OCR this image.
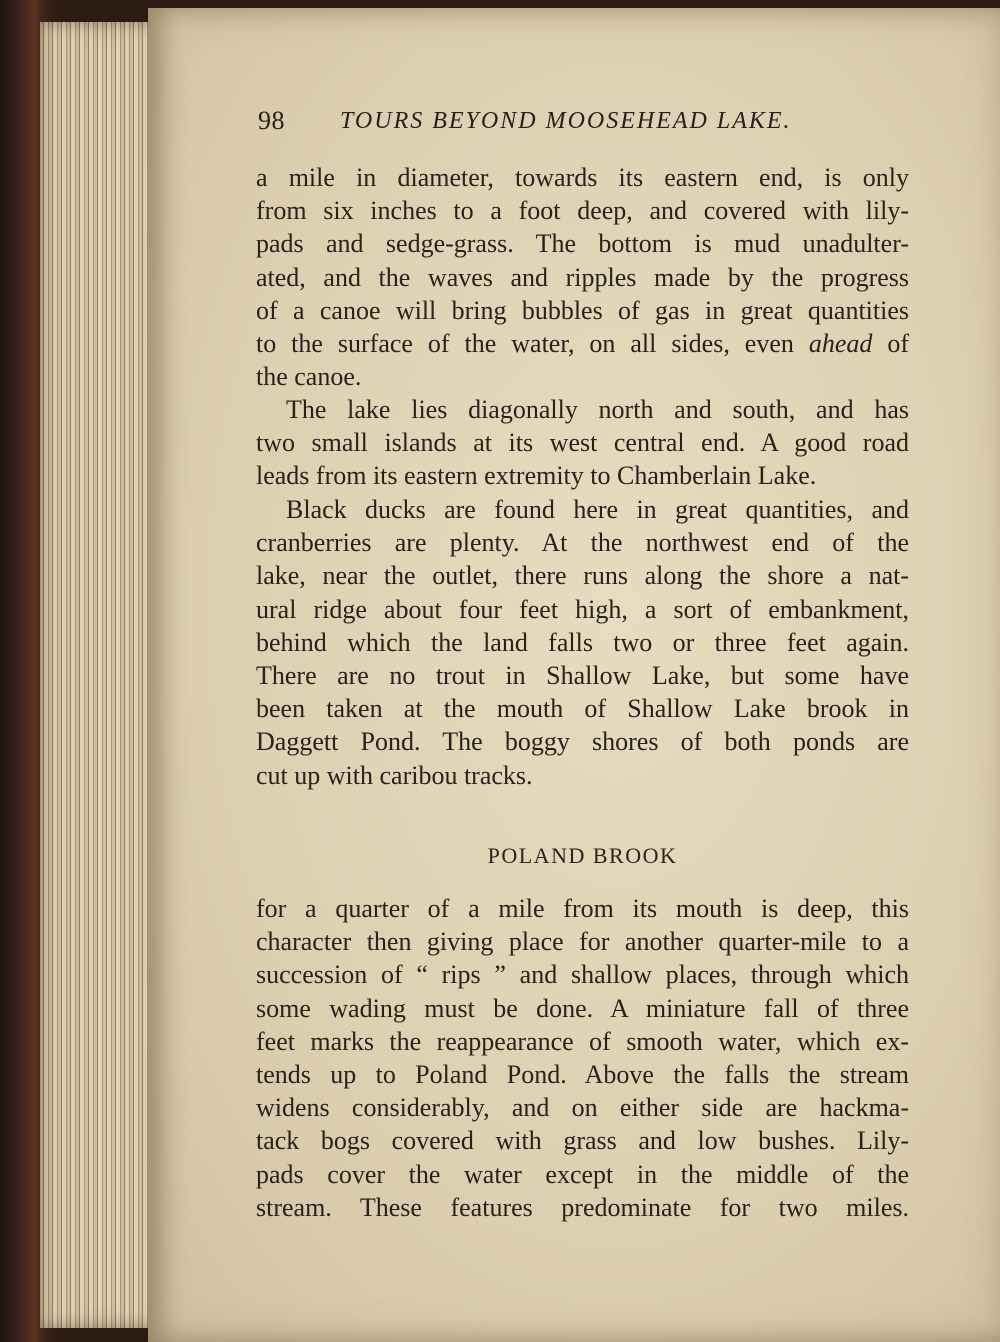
98 TOURS BEYOND MOOSEHEAD LAKE.

a mile in diameter, towards its eastern end, is only
from six inches to a foot deep, and covered with lily-
pads and sedge-grass. The bottom is mud unadulter-
ated, and the waves and ripples made by the progress
of a canoe will bring bubbles of gas in great quantities
to the surface of the water, on all sides, even ahead of
the canoe.

The lake lies diagonally north and south, and has
two small islands at its west central end. A good road
leads from its eastern extremity to Chamberlain Lake.

Black ducks are found here in great quantities, and
cranberries are plenty. At the northwest end of the
lake, near the outlet, there runs along the shore a nat-
ural ridge about four feet high, a sort of embankment,
behind which the land falls two or three feet again.
There are no trout in Shallow Lake, but some have
been taken at the mouth of Shallow Lake brook in
Daggett Pond. The boggy shores of both ponds are
cut up with caribou tracks.

POLAND BROOK

for a quarter of a mile from its mouth is deep, this
character then giving place for another quarter-mile to a
succession of “ rips ” and shallow places, through which
some wading must be done. A miniature fall of three
feet marks the reappearance of smooth water, which ex-
tends up to Poland Pond. Above the falls the stream
widens considerably, and on either side are hackma-
tack bogs covered with grass and low bushes. Lily-
pads cover the water except in the middle of the
stream. These features predominate for two miles.
